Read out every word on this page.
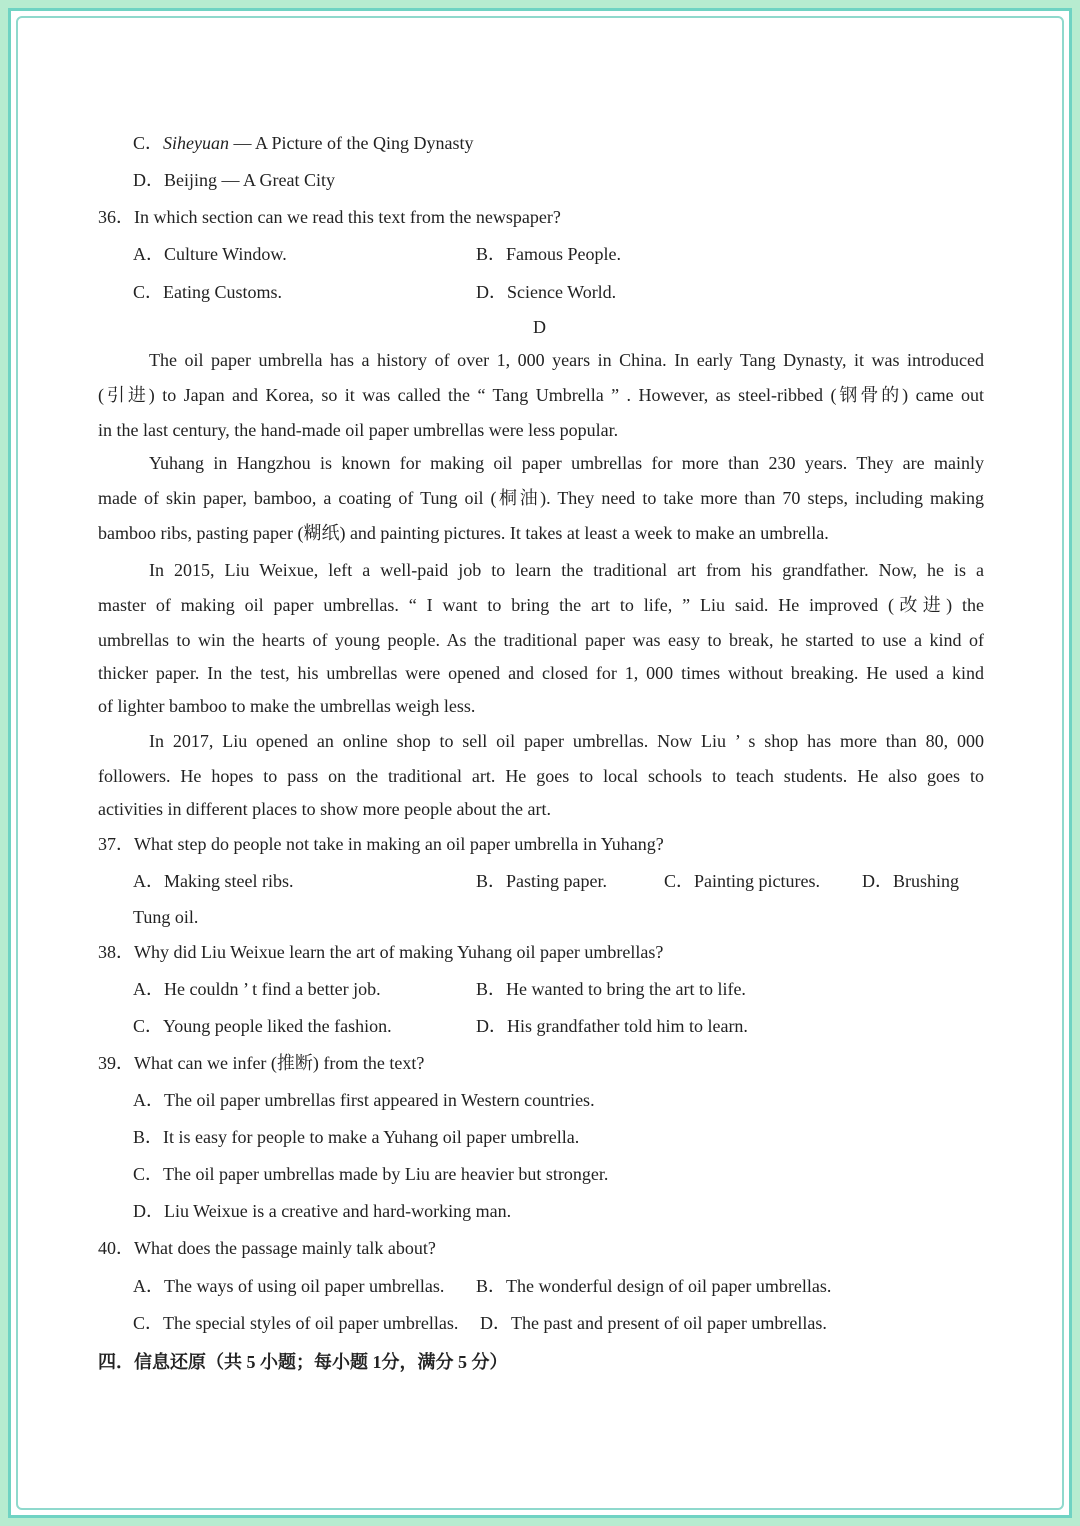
C．Siheyuan — A Picture of the Qing Dynasty
D．Beijing — A Great City
36．In which section can we read this text from the newspaper?
A．Culture Window.	B．Famous People.
C．Eating Customs.	D．Science World.
D
The oil paper umbrella has a history of over 1, 000 years in China. In early Tang Dynasty, it was introduced
(引进) to Japan and Korea, so it was called the “ Tang Umbrella ” . However, as steel-ribbed (钢骨的) came out
in the last century, the hand-made oil paper umbrellas were less popular.
Yuhang in Hangzhou is known for making oil paper umbrellas for more than 230 years. They are mainly
made of skin paper, bamboo, a coating of Tung oil (桐油). They need to take more than 70 steps, including making
bamboo ribs, pasting paper (糊纸) and painting pictures. It takes at least a week to make an umbrella.
In 2015, Liu Weixue, left a well-paid job to learn the traditional art from his grandfather. Now, he is a
master of making oil paper umbrellas. “ I want to bring the art to life, ” Liu said. He improved (改进) the
umbrellas to win the hearts of young people. As the traditional paper was easy to break, he started to use a kind of
thicker paper. In the test, his umbrellas were opened and closed for 1, 000 times without breaking. He used a kind
of lighter bamboo to make the umbrellas weigh less.
In 2017, Liu opened an online shop to sell oil paper umbrellas. Now Liu ’ s shop has more than 80, 000
followers. He hopes to pass on the traditional art. He goes to local schools to teach students. He also goes to
activities in different places to show more people about the art.
37．What step do people not take in making an oil paper umbrella in Yuhang?
A．Making steel ribs.	B．Pasting paper.	C．Painting pictures. D．Brushing
Tung oil.
38．Why did Liu Weixue learn the art of making Yuhang oil paper umbrellas?
A．He couldn ’ t find a better job.	B．He wanted to bring the art to life.
C．Young people liked the fashion.	D．His grandfather told him to learn.
39．What can we infer (推断) from the text?
A．The oil paper umbrellas first appeared in Western countries.
B．It is easy for people to make a Yuhang oil paper umbrella.
C．The oil paper umbrellas made by Liu are heavier but stronger.
D．Liu Weixue is a creative and hard-working man.
40．What does the passage mainly talk about?
A．The ways of using oil paper umbrellas. B．The wonderful design of oil paper umbrellas.
C．The special styles of oil paper umbrellas. D．The past and present of oil paper umbrellas.
四．信息还原（共 5 小题；每小题 1分，满分 5 分）
